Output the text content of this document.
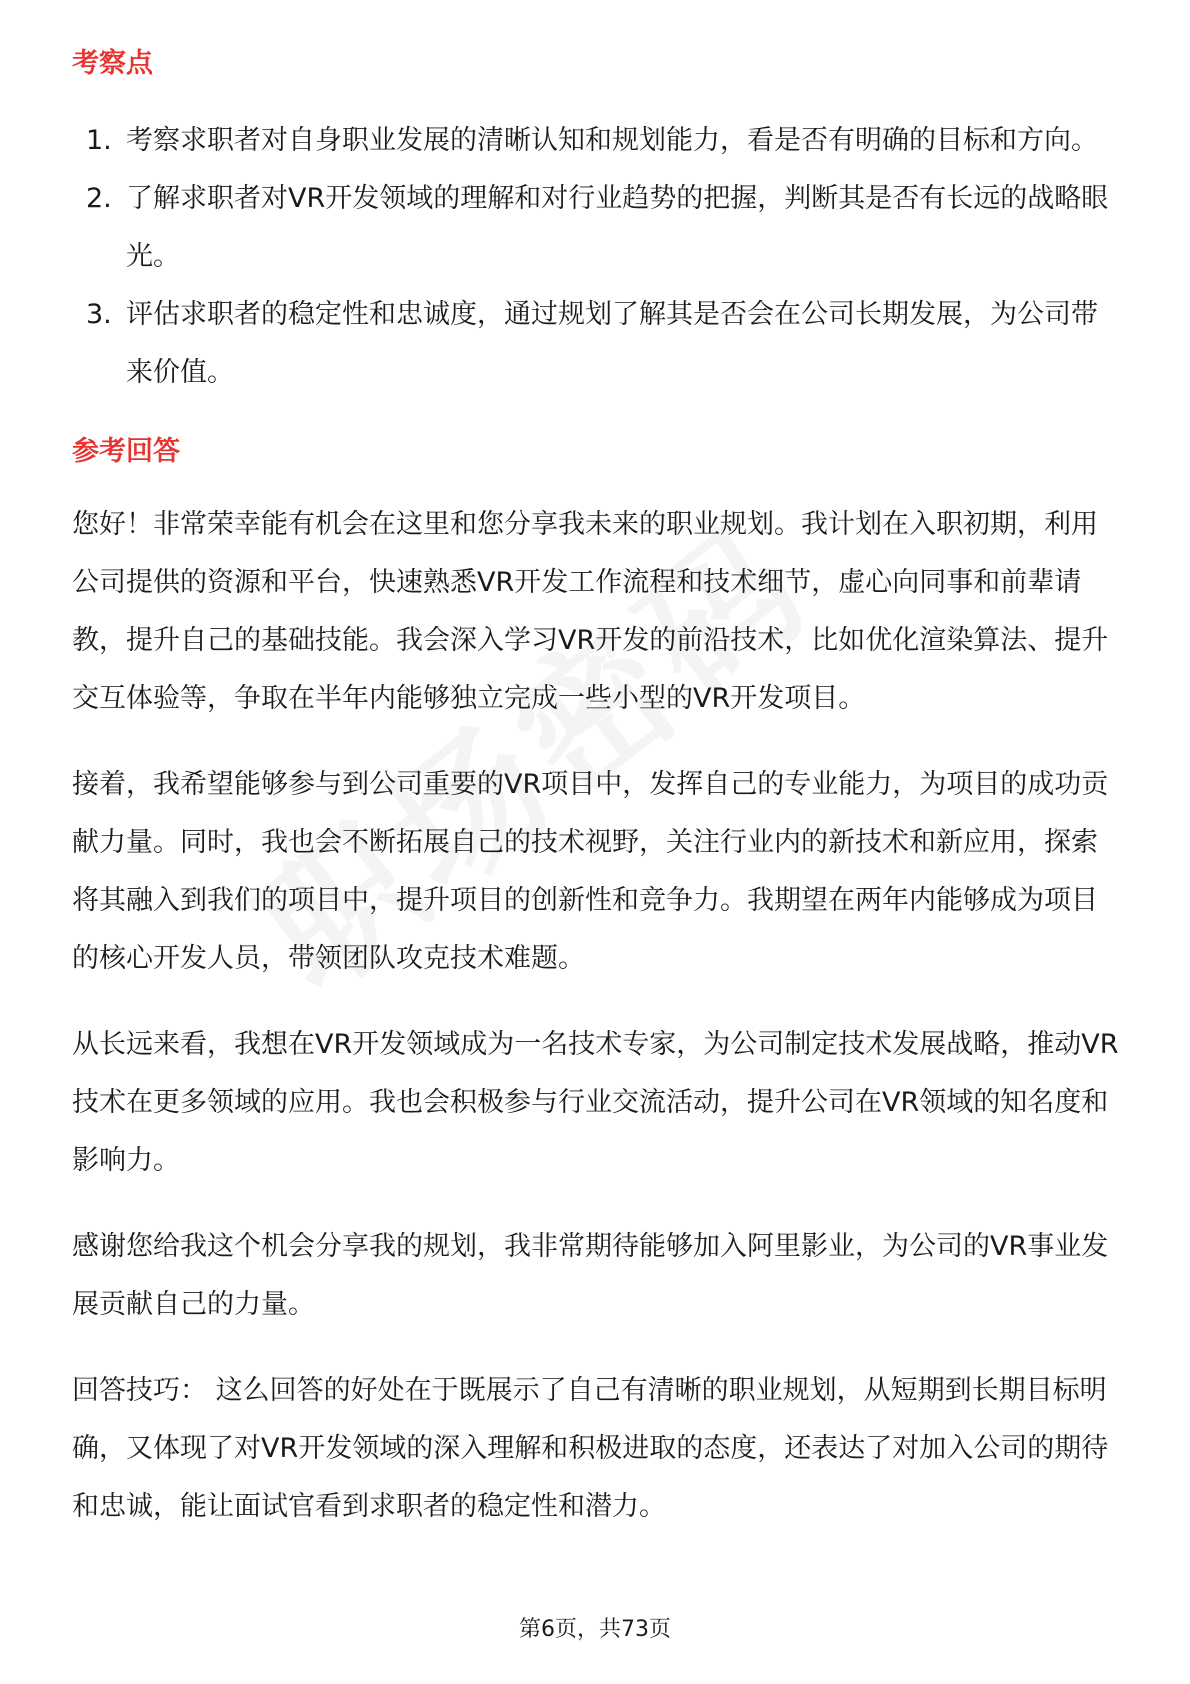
考察点
1. 考察求职者对自身职业发展的清晰认知和规划能力，看是否有明确的目标和方向。
2. 了解求职者对VR开发领域的理解和对行业趋势的把握，判断其是否有长远的战略眼光。
3. 评估求职者的稳定性和忠诚度，通过规划了解其是否会在公司长期发展，为公司带来价值。
参考回答

您好！非常荣幸能有机会在这里和您分享我未来的职业规划。我计划在入职初期，利用公司提供的资源和平台，快速熟悉VR开发工作流程和技术细节，虚心向同事和前辈请教，提升自己的基础技能。我会深入学习VR开发的前沿技术，比如优化渲染算法、提升交互体验等，争取在半年内能够独立完成一些小型的VR开发项目。

接着，我希望能够参与到公司重要的VR项目中，发挥自己的专业能力，为项目的成功贡献力量。同时，我也会不断拓展自己的技术视野，关注行业内的新技术和新应用，探索将其融入到我们的项目中，提升项目的创新性和竞争力。我期望在两年内能够成为项目的核心开发人员，带领团队攻克技术难题。

从长远来看，我想在VR开发领域成为一名技术专家，为公司制定技术发展战略，推动VR技术在更多领域的应用。我也会积极参与行业交流活动，提升公司在VR领域的知名度和影响力。

感谢您给我这个机会分享我的规划，我非常期待能够加入阿里影业，为公司的VR事业发展贡献自己的力量。

回答技巧： 这么回答的好处在于既展示了自己有清晰的职业规划，从短期到长期目标明确，又体现了对VR开发领域的深入理解和积极进取的态度，还表达了对加入公司的期待和忠诚，能让面试官看到求职者的稳定性和潜力。

第6页，共73页
